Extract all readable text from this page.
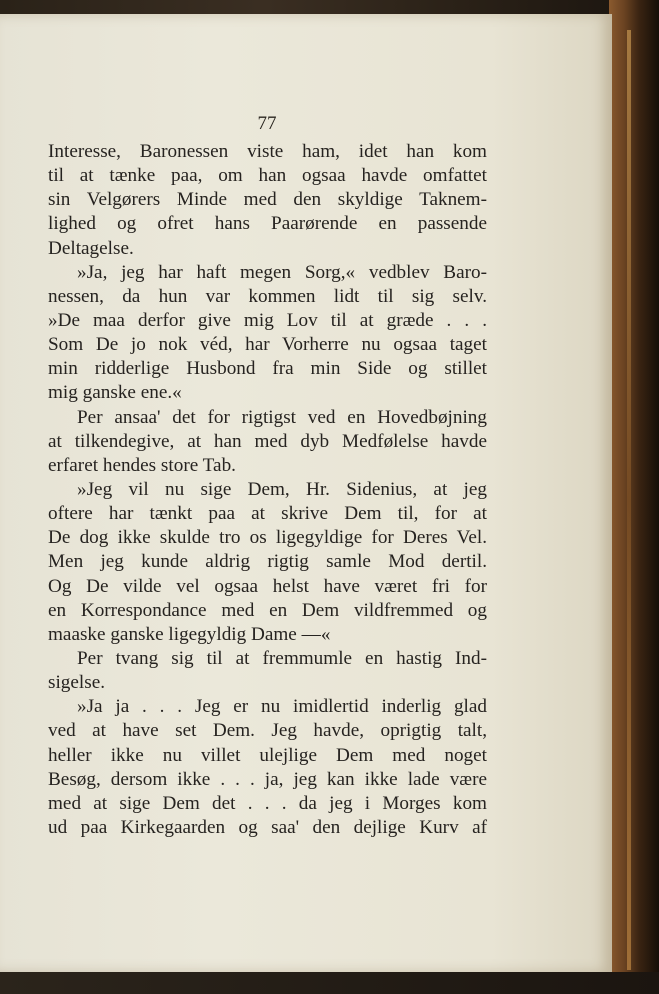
77
Interesse, Baronessen viste ham, idet han kom
til at tænke paa, om han ogsaa havde omfattet
sin Velgørers Minde med den skyldige Taknem-
lighed og ofret hans Paarørende en passende
Deltagelse.
»Ja, jeg har haft megen Sorg,« vedblev Baro-
nessen, da hun var kommen lidt til sig selv.
»De maa derfor give mig Lov til at græde . . .
Som De jo nok véd, har Vorherre nu ogsaa taget
min ridderlige Husbond fra min Side og stillet
mig ganske ene.«
Per ansaa' det for rigtigst ved en Hovedbøjning
at tilkendegive, at han med dyb Medfølelse havde
erfaret hendes store Tab.
»Jeg vil nu sige Dem, Hr. Sidenius, at jeg
oftere har tænkt paa at skrive Dem til, for at
De dog ikke skulde tro os ligegyldige for Deres Vel.
Men jeg kunde aldrig rigtig samle Mod dertil.
Og De vilde vel ogsaa helst have været fri for
en Korrespondance med en Dem vildfremmed og
maaske ganske ligegyldig Dame —«
Per tvang sig til at fremmumle en hastig Ind-
sigelse.
»Ja ja . . . Jeg er nu imidlertid inderlig glad
ved at have set Dem. Jeg havde, oprigtig talt,
heller ikke nu villet ulejlige Dem med noget
Besøg, dersom ikke . . . ja, jeg kan ikke lade være
med at sige Dem det . . . da jeg i Morges kom
ud paa Kirkegaarden og saa' den dejlige Kurv af
